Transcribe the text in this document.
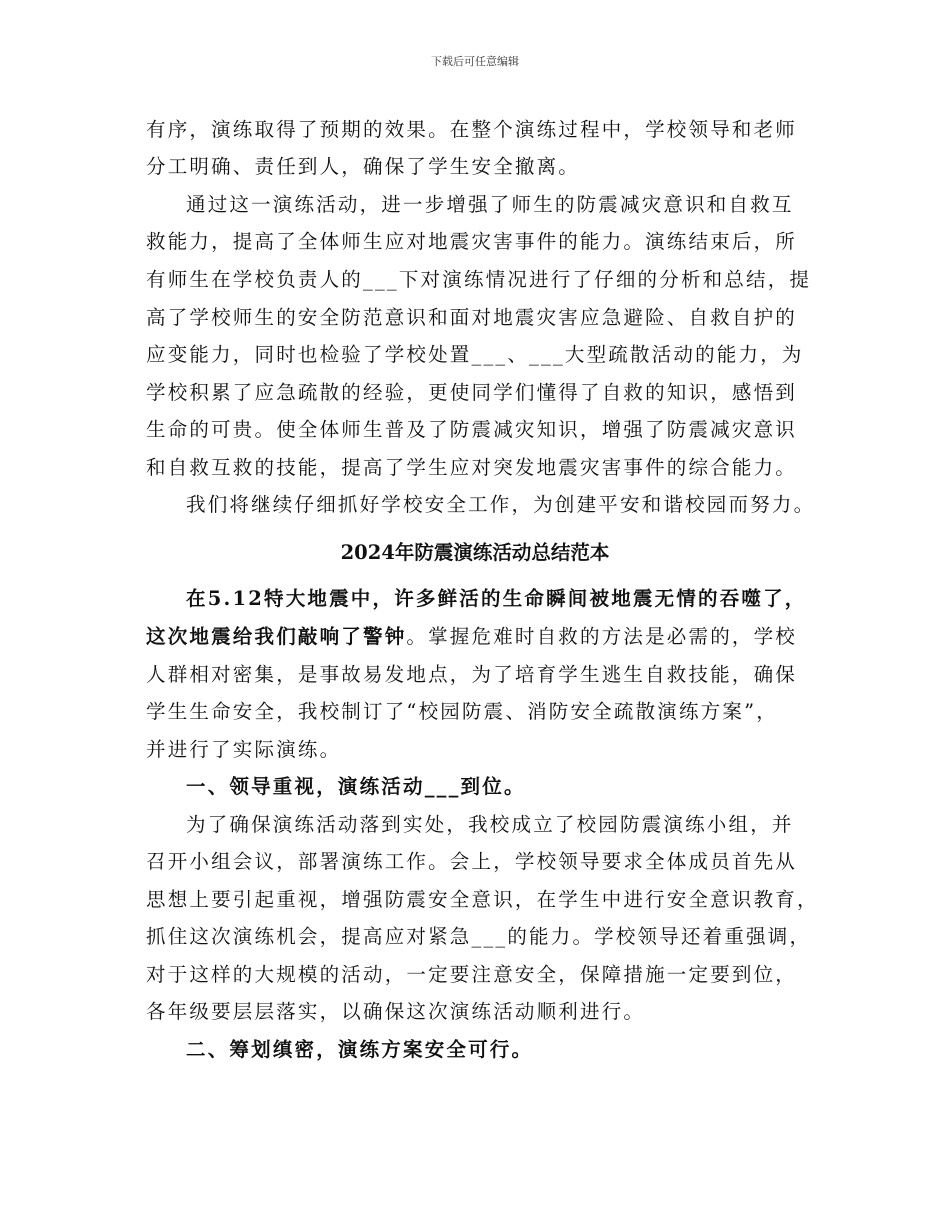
下载后可任意编辑
有序，演练取得了预期的效果。在整个演练过程中，学校领导和老师
分工明确、责任到人，确保了学生安全撤离。
通过这一演练活动，进一步增强了师生的防震减灾意识和自救互
救能力，提高了全体师生应对地震灾害事件的能力。演练结束后，所
有师生在学校负责人的___下对演练情况进行了仔细的分析和总结，提
高了学校师生的安全防范意识和面对地震灾害应急避险、自救自护的
应变能力，同时也检验了学校处置___、___大型疏散活动的能力，为
学校积累了应急疏散的经验，更使同学们懂得了自救的知识，感悟到
生命的可贵。使全体师生普及了防震减灾知识，增强了防震减灾意识
和自救互救的技能，提高了学生应对突发地震灾害事件的综合能力。
我们将继续仔细抓好学校安全工作，为创建平安和谐校园而努力。
2024年防震演练活动总结范本
在5.12特大地震中，许多鲜活的生命瞬间被地震无情的吞噬了，
这次地震给我们敲响了警钟。掌握危难时自救的方法是必需的，学校
人群相对密集，是事故易发地点，为了培育学生逃生自救技能，确保
学生生命安全，我校制订了“校园防震、消防安全疏散演练方案”，
并进行了实际演练。
一、领导重视，演练活动___到位。
为了确保演练活动落到实处，我校成立了校园防震演练小组，并
召开小组会议，部署演练工作。会上，学校领导要求全体成员首先从
思想上要引起重视，增强防震安全意识，在学生中进行安全意识教育，
抓住这次演练机会，提高应对紧急___的能力。学校领导还着重强调，
对于这样的大规模的活动，一定要注意安全，保障措施一定要到位，
各年级要层层落实，以确保这次演练活动顺利进行。
二、筹划缜密，演练方案安全可行。
